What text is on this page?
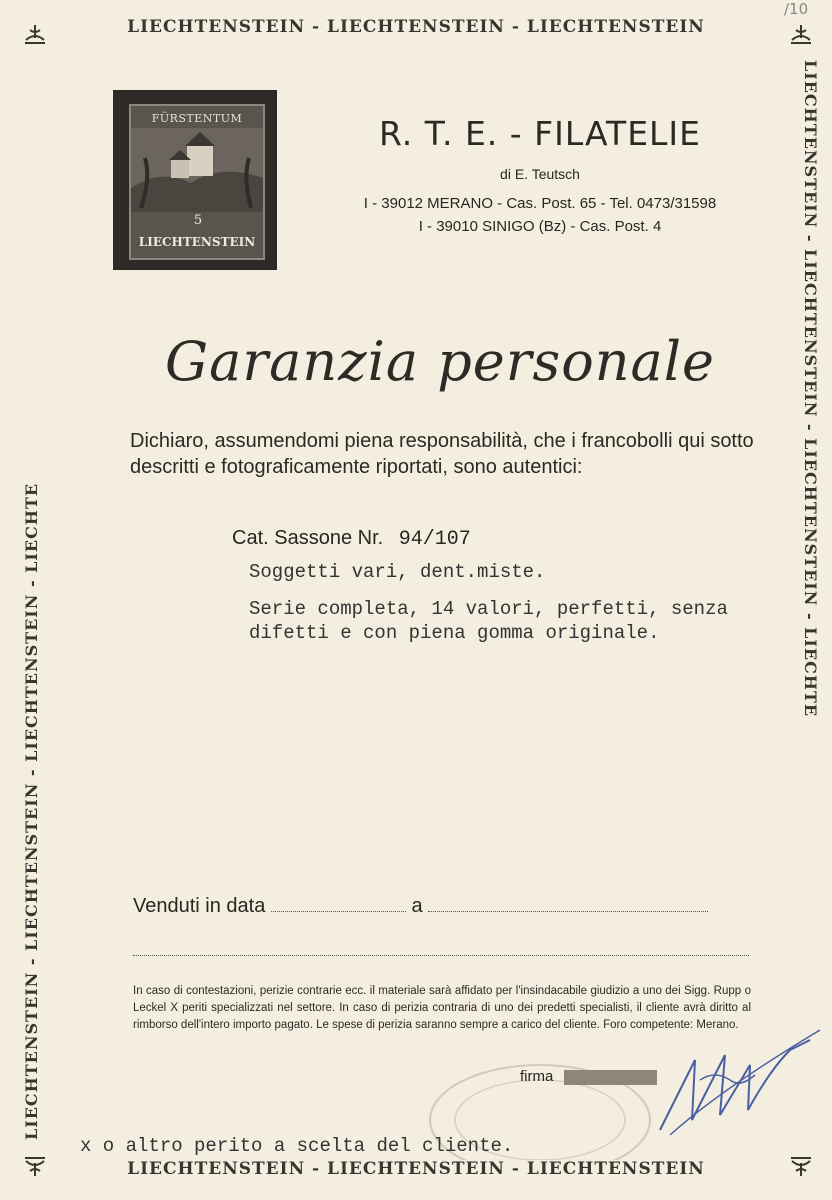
LIECHTENSTEIN - LIECHTENSTEIN - LIECHTENSTEIN
LIECHTENSTEIN - LIECHTENSTEIN - LIECHTENSTEIN
LIECHTENSTEIN - LIECHTENSTEIN - LIECHTENSTEIN - LIECHTE
LIECHTENSTEIN - LIECHTENSTEIN - LIECHTENSTEIN - LIECHTE
/10
FÜRSTENTUM
5
LIECHTENSTEIN
R. T. E. - FILATELIE
di E. Teutsch
I - 39012 MERANO - Cas. Post. 65 - Tel. 0473/31598
I - 39010 SINIGO (Bz) - Cas. Post. 4
Garanzia personale
Dichiaro, assumendomi piena responsabilità, che i francobolli qui sotto descritti e fotograficamente riportati, sono autentici:
Cat. Sassone Nr. 94/107
Soggetti vari, dent.miste.
Serie completa, 14 valori, perfetti, senza difetti e con piena gomma originale.
Venduti in data	a
In caso di contestazioni, perizie contrarie ecc. il materiale sarà affidato per l'insindacabile giudizio a uno dei Sigg. Rupp o Leckel X periti specializzati nel settore. In caso di perizia contraria di uno dei predetti specialisti, il cliente avrà diritto al rimborso dell'intero importo pagato. Le spese di perizia saranno sempre a carico del cliente. Foro competente: Merano.
firma dell'esperto
x o altro perito a scelta del cliente.
